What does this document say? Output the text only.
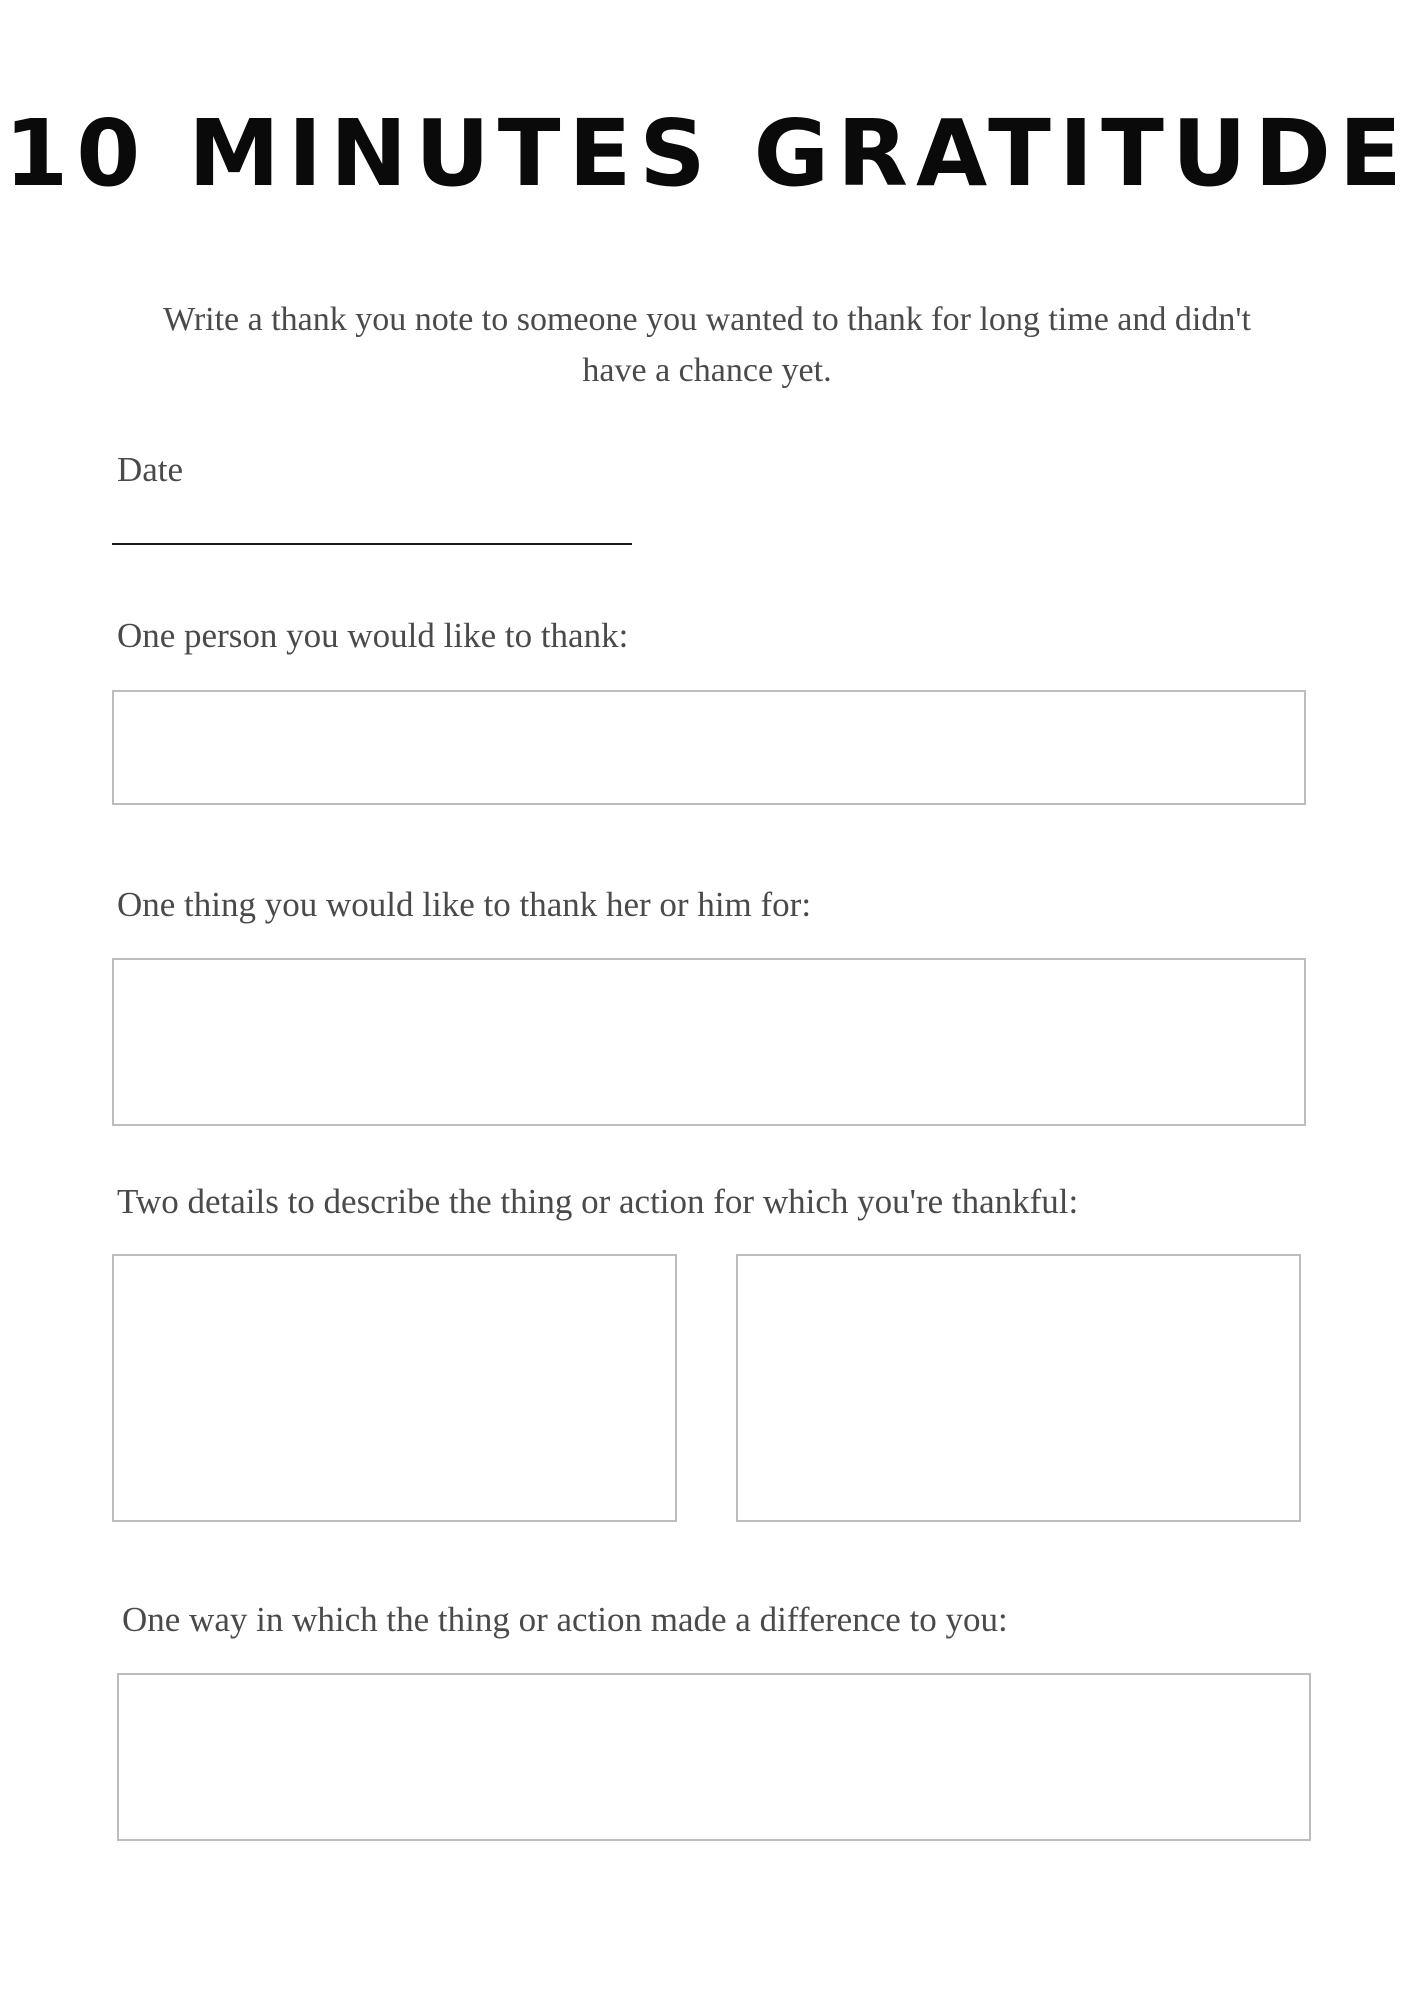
10 MINUTES GRATITUDE

Write a thank you note to someone you wanted to thank for long time and didn't have a chance yet.

Date

One person you would like to thank:

One thing you would like to thank her or him for:

Two details to describe the thing or action for which you're thankful:

One way in which the thing or action made a difference to you:
